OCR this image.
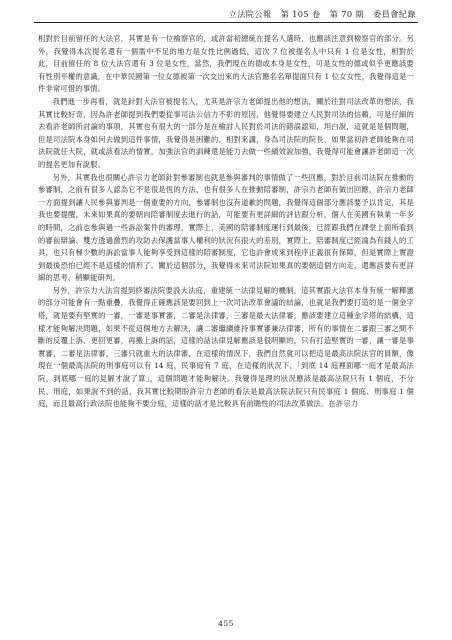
立法院公報 第 105 卷 第 70 期 委員會紀錄

相對於目前留任的大法官，其實是有一位檢察官的，或許當初總統在提名人選時，也應該注意到檢察官的部分。另外，我覺得本次提名還有一個需中不足的地方是女性比例過低，這次 7 位被提名人中只有 1 位是女性，相對於此，目前留任的 8 位大法官還有 3 位是女性，當然，我們現在的德或本身是女性，可是女性的德或似乎更應該要有性別平權的意識，在中華民國第一位女德被第一次交出來的大法官應名名單提面只有 1 位女女性，我覺得這是一件非常可惜的事情。

我們進一步再看，就是針對大法官被提名人，尤其是許宗力老師提出他的想法，關於往對司法改革的想法，我其實比較好奇，因為許老師提到我們要從事司法公信力不彰的原因，他覺得要建立人民對司法的信賴，可是仔細的去看許老師所討論的事項，其實也有很大的一部分是在檢討人民對於司法的錯誤認知，坦白說，這就是是個問題，但是司法院本身如何去做到這件事情，我覺得是困難的。相對來講，身為司法院的院長，如果當初許老師能夠在司法院就任大院，就或該看法的情實，加強法官的訓練還是能力去做一些績效說加強，我覺得可能會讓許老師這一次的提名更加有說服。

另外，其實我也很關心許宗力老師針對參審制也就是參與審判的事情做了一些回應，對於目前司法院在推動的參審制，之前有很多人認為它不是很是恆的方法，也有很多人在推動陪審制，許宗力老師有做出回應，許宗力老師一方面提到讓人民參與審判是一個重要的方向，參審制也沒有道歉的問題，我覺得這個部分應該要予以肯定，其是我也要提醒，未來如果真的要朝向陪審制度去進行的話，可能要有更詳細的評估跟分析，個人在美國有執業一年多的時間，之前也參與過一些訴訟案件的審理，實際上，美國的陪審制度運行到最後，已經跟我們在課堂上面所看到的審前辯論、雙方透過激烈的攻防去保護當事人權利的狀況有很大的差別，實際上，陪審制度已經淪為有錢人的工具，也只有極少數的訴訟當事人能夠享受到這樣的陪審制度，它也許會成來到程序正義很有保障，但是實際上實證到最後恐怕已經不是這樣的情形了。關於這個部分，我覺得未來司法院如果真的要朝這個方向走，還應該要有更詳細的思考、稍顯能研判。

另外，許宗力大法官提到終審法院要設大法庭，重建統一法律見解的機制，這其實跟大法官本身有統一解釋憲的部分可能會有一點重疊，我覺得正確應該是要回到上一次司法改革會議的結論，也就是我們要打造的是一個金字塔，就是要有堅實的一審，一審是事實審，二審是法律審，三審是最大法律審，應該要建立這種金字塔的結構，這樣才能夠解決問題，如果不從這個地方去解決，讓二審繼續維持事實審兼法律審，所有的事情在二審跟三審之間不斷的反覆上訴、更回更審，再搬上訴的話，這樣的話法律見解應該是很明顯的，只有打造堅實的一審，讓一審是事實審，二審是法律審，三審只就重大的法律審，在這樣的情況下，我們自然就可以把這是最高法院法官的員額，像現在一個最高法院的刑事庭可以有 14 庭，民事庭有 7 庭，在這樣的狀況下，「到底 14 庭裡面哪一庭才是最高法院，到底哪一庭的見解才說了算」，這個問題才能夠解決。我覺得是理的狀況應該是最高法院只有 1 個庭，不分民、刑庭，如果說不到的話，我其實比較期盼許宗力老師的看法是最高法院法院只有民事庭 1 個庭、刑事庭 1 個庭，而且最高行政法院也能夠不要分庭，這樣的話才是比較具有前瞻性的司法改革做法。在許宗力

455
